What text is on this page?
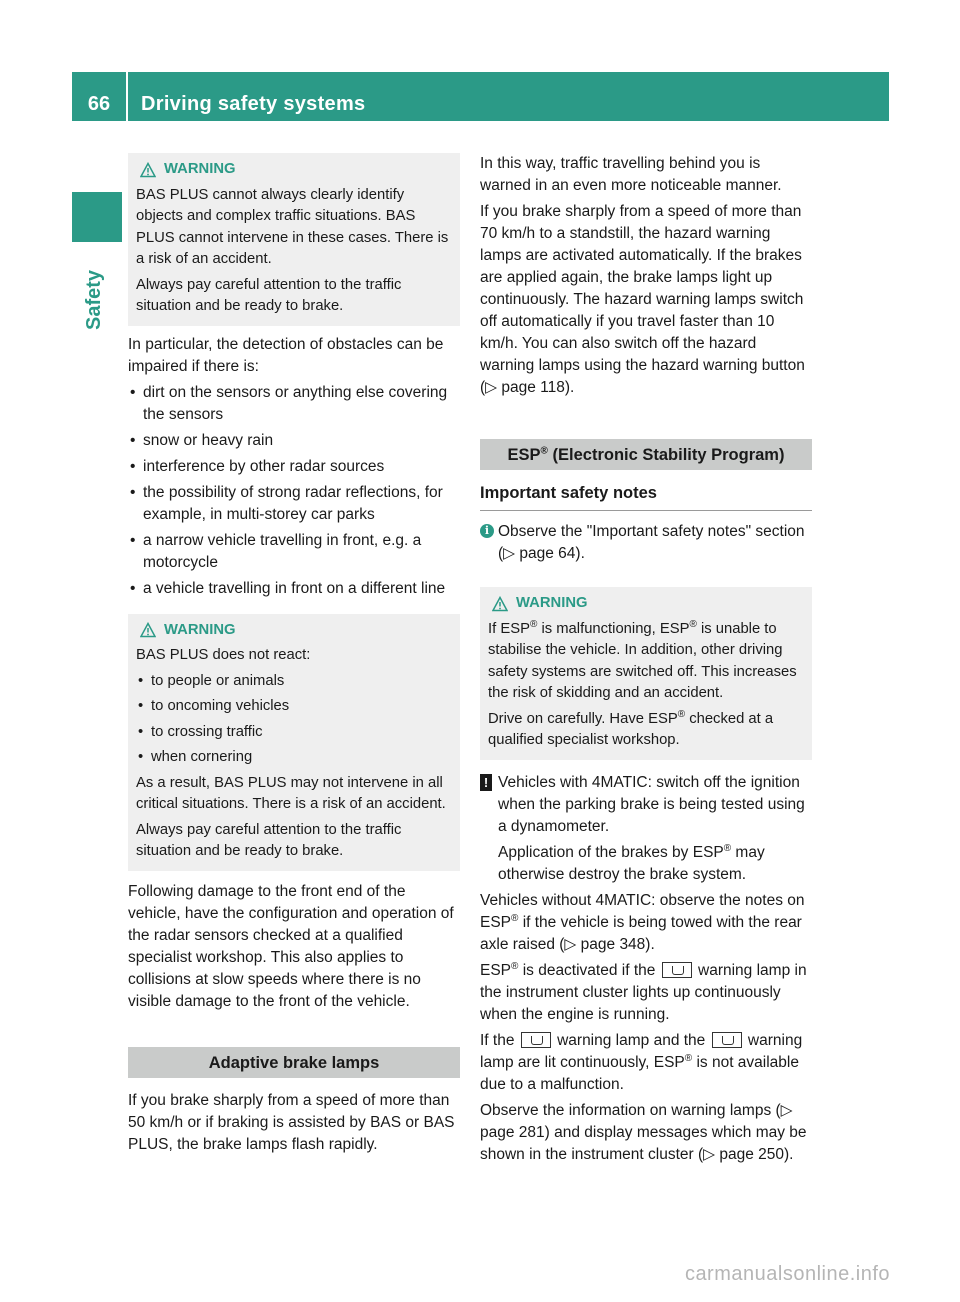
66	Driving safety systems
Safety
WARNING

BAS PLUS cannot always clearly identify objects and complex traffic situations. BAS PLUS cannot intervene in these cases. There is a risk of an accident.

Always pay careful attention to the traffic situation and be ready to brake.

In particular, the detection of obstacles can be impaired if there is:

• dirt on the sensors or anything else covering the sensors
• snow or heavy rain
• interference by other radar sources
• the possibility of strong radar reflections, for example, in multi-storey car parks
• a narrow vehicle travelling in front, e.g. a motorcycle
• a vehicle travelling in front on a different line
WARNING

BAS PLUS does not react:

• to people or animals
• to oncoming vehicles
• to crossing traffic
• when cornering

As a result, BAS PLUS may not intervene in all critical situations. There is a risk of an accident.

Always pay careful attention to the traffic situation and be ready to brake.

Following damage to the front end of the vehicle, have the configuration and operation of the radar sensors checked at a qualified specialist workshop. This also applies to collisions at slow speeds where there is no visible damage to the front of the vehicle.

Adaptive brake lamps

If you brake sharply from a speed of more than 50 km/h or if braking is assisted by BAS or BAS PLUS, the brake lamps flash rapidly.

In this way, traffic travelling behind you is warned in an even more noticeable manner.

If you brake sharply from a speed of more than 70 km/h to a standstill, the hazard warning lamps are activated automatically. If the brakes are applied again, the brake lamps light up continuously. The hazard warning lamps switch off automatically if you travel faster than 10 km/h. You can also switch off the hazard warning lamps using the hazard warning button (▷ page 118).

ESP® (Electronic Stability Program)
Important safety notes
i Observe the "Important safety notes" section (▷ page 64).
WARNING

If ESP® is malfunctioning, ESP® is unable to stabilise the vehicle. In addition, other driving safety systems are switched off. This increases the risk of skidding and an accident.

Drive on carefully. Have ESP® checked at a qualified specialist workshop.

! Vehicles with 4MATIC: switch off the ignition when the parking brake is being tested using a dynamometer.

Application of the brakes by ESP® may otherwise destroy the brake system.

Vehicles without 4MATIC: observe the notes on ESP® if the vehicle is being towed with the rear axle raised (▷ page 348).

ESP® is deactivated if the  warning lamp in the instrument cluster lights up continuously when the engine is running.

If the  warning lamp and the  warning lamp are lit continuously, ESP® is not available due to a malfunction.

Observe the information on warning lamps (▷ page 281) and display messages which may be shown in the instrument cluster (▷ page 250).

carmanualsonline.info
